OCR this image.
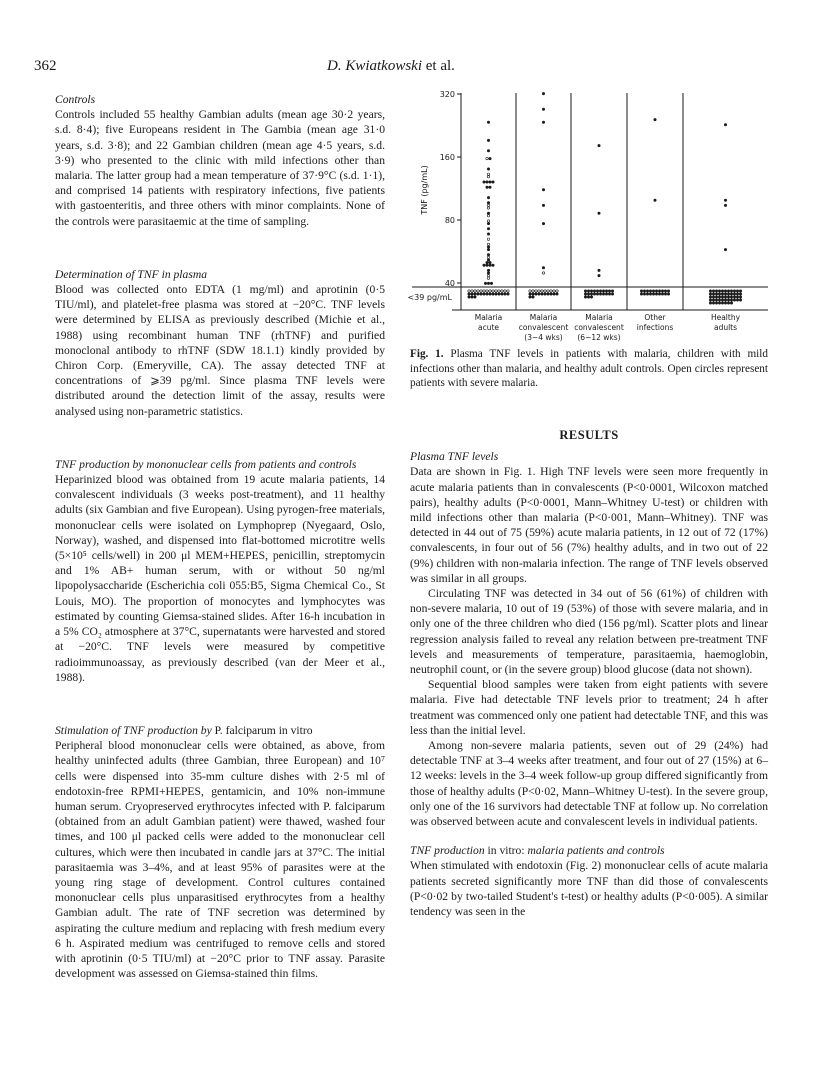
362	D. Kwiatkowski et al.

Controls

Controls included 55 healthy Gambian adults (mean age 30·2 years, s.d. 8·4); five Europeans resident in The Gambia (mean age 31·0 years, s.d. 3·8); and 22 Gambian children (mean age 4·5 years, s.d. 3·9) who presented to the clinic with mild infections other than malaria. The latter group had a mean temperature of 37·9°C (s.d. 1·1), and comprised 14 patients with respiratory infections, five patients with gastoenteritis, and three others with minor complaints. None of the controls were parasitaemic at the time of sampling.

Determination of TNF in plasma

Blood was collected onto EDTA (1 mg/ml) and aprotinin (0·5 TIU/ml), and platelet-free plasma was stored at −20°C. TNF levels were determined by ELISA as previously described (Michie et al., 1988) using recombinant human TNF (rhTNF) and purified monoclonal antibody to rhTNF (SDW 18.1.1) kindly provided by Chiron Corp. (Emeryville, CA). The assay detected TNF at concentrations of ⩾39 pg/ml. Since plasma TNF levels were distributed around the detection limit of the assay, results were analysed using non-parametric statistics.

TNF production by mononuclear cells from patients and controls

Heparinized blood was obtained from 19 acute malaria patients, 14 convalescent individuals (3 weeks post-treatment), and 11 healthy adults (six Gambian and five European). Using pyrogen-free materials, mononuclear cells were isolated on Lymphoprep (Nyegaard, Oslo, Norway), washed, and dispensed into flat-bottomed microtitre wells (5×10⁵ cells/well) in 200 μl MEM+HEPES, penicillin, streptomycin and 1% AB+ human serum, with or without 50 ng/ml lipopolysaccharide (Escherichia coli 055:B5, Sigma Chemical Co., St Louis, MO). The proportion of monocytes and lymphocytes was estimated by counting Giemsa-stained slides. After 16-h incubation in a 5% CO₂ atmosphere at 37°C, supernatants were harvested and stored at −20°C. TNF levels were measured by competitive radioimmunoassay, as previously described (van der Meer et al., 1988).

Stimulation of TNF production by P. falciparum in vitro

Peripheral blood mononuclear cells were obtained, as above, from healthy uninfected adults (three Gambian, three European) and 10⁷ cells were dispensed into 35-mm culture dishes with 2·5 ml of endotoxin-free RPMI+HEPES, gentamicin, and 10% non-immune human serum. Cryopreserved erythrocytes infected with P. falciparum (obtained from an adult Gambian patient) were thawed, washed four times, and 100 μl packed cells were added to the mononuclear cell cultures, which were then incubated in candle jars at 37°C. The initial parasitaemia was 3–4%, and at least 95% of parasites were at the young ring stage of development. Control cultures contained mononuclear cells plus unparasitised erythrocytes from a healthy Gambian adult. The rate of TNF secretion was determined by aspirating the culture medium and replacing with fresh medium every 6 h. Aspirated medium was centrifuged to remove cells and stored with aprotinin (0·5 TIU/ml) at −20°C prior to TNF assay. Parasite development was assessed on Giemsa-stained thin films.

320
160
80
40
<39 pg/mL
TNF (pg/mL)
Malaria
acute
Malaria
convalescent
(3−4 wks)
Malaria
convalescent
(6−12 wks)
Other
infections
Healthy
adults
Fig. 1. Plasma TNF levels in patients with malaria, children with mild infections other than malaria, and healthy adult controls. Open circles represent patients with severe malaria.

RESULTS

Plasma TNF levels

Data are shown in Fig. 1. High TNF levels were seen more frequently in acute malaria patients than in convalescents (P<0·0001, Wilcoxon matched pairs), healthy adults (P<0·0001, Mann–Whitney U-test) or children with mild infections other than malaria (P<0·001, Mann–Whitney). TNF was detected in 44 out of 75 (59%) acute malaria patients, in 12 out of 72 (17%) convalescents, in four out of 56 (7%) healthy adults, and in two out of 22 (9%) children with non-malaria infection. The range of TNF levels observed was similar in all groups.

Circulating TNF was detected in 34 out of 56 (61%) of children with non-severe malaria, 10 out of 19 (53%) of those with severe malaria, and in only one of the three children who died (156 pg/ml). Scatter plots and linear regression analysis failed to reveal any relation between pre-treatment TNF levels and measurements of temperature, parasitaemia, haemoglobin, neutrophil count, or (in the severe group) blood glucose (data not shown).

Sequential blood samples were taken from eight patients with severe malaria. Five had detectable TNF levels prior to treatment; 24 h after treatment was commenced only one patient had detectable TNF, and this was less than the initial level.

Among non-severe malaria patients, seven out of 29 (24%) had detectable TNF at 3–4 weeks after treatment, and four out of 27 (15%) at 6–12 weeks: levels in the 3–4 week follow-up group differed significantly from those of healthy adults (P<0·02, Mann–Whitney U-test). In the severe group, only one of the 16 survivors had detectable TNF at follow up. No correlation was observed between acute and convalescent levels in individual patients.

TNF production in vitro: malaria patients and controls

When stimulated with endotoxin (Fig. 2) mononuclear cells of acute malaria patients secreted significantly more TNF than did those of convalescents (P<0·02 by two-tailed Student's t-test) or healthy adults (P<0·005). A similar tendency was seen in the
